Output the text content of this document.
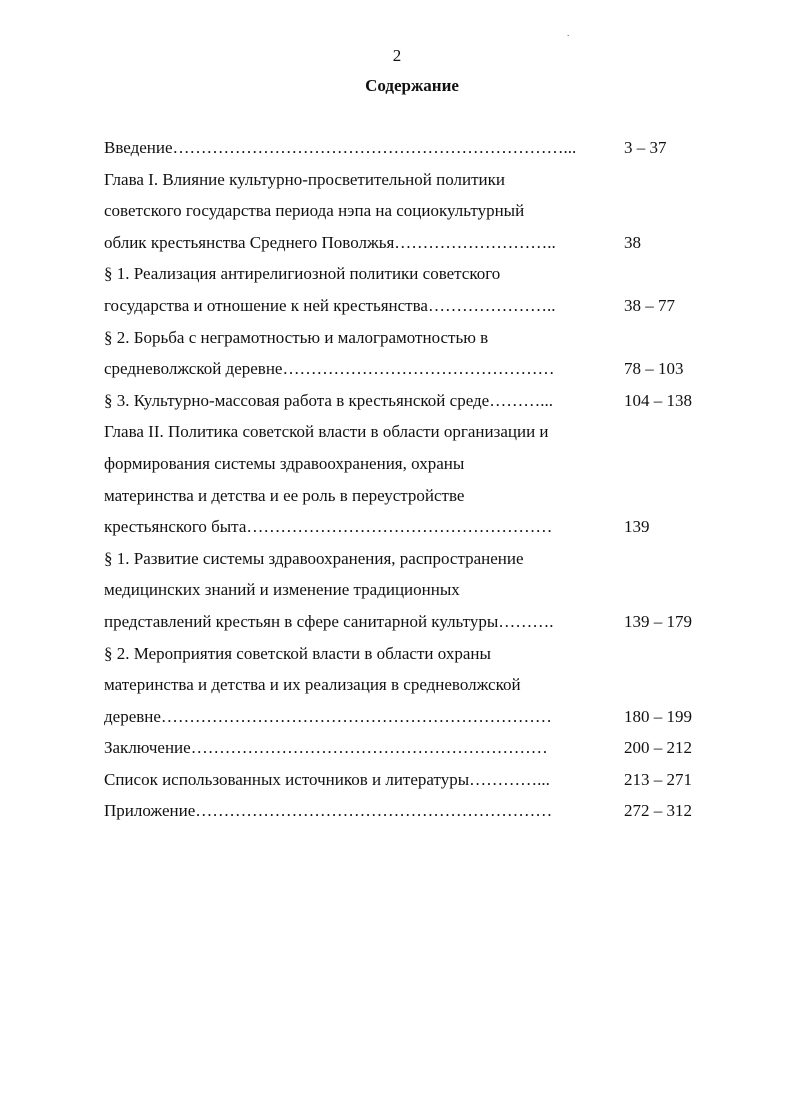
.
2
Содержание
Введение……………………………………………………………...	3 – 37
Глава I. Влияние культурно-просветительной политики
советского государства периода нэпа на социокультурный
облик крестьянства Среднего Поволжья………………………..	38
§ 1. Реализация антирелигиозной политики советского
государства и отношение к ней крестьянства…………………..	38 – 77
§ 2. Борьба с неграмотностью и малограмотностью в
средневолжской деревне…………………………………………	78 – 103
§ 3. Культурно-массовая работа в крестьянской среде………...	104 – 138
Глава II. Политика советской власти в области организации и
формирования системы здравоохранения, охраны
материнства и детства и ее роль в переустройстве
крестьянского быта………………………………………………	139
§ 1. Развитие системы здравоохранения, распространение
медицинских знаний и изменение традиционных
представлений крестьян в сфере санитарной культуры……….	139 – 179
§ 2. Мероприятия советской власти в области охраны
материнства и детства и их реализация в средневолжской
деревне……………………………………………………………	180 – 199
Заключение………………………………………………………	200 – 212
Список использованных источников и литературы…………...	213 – 271
Приложение………………………………………………………	272 – 312
